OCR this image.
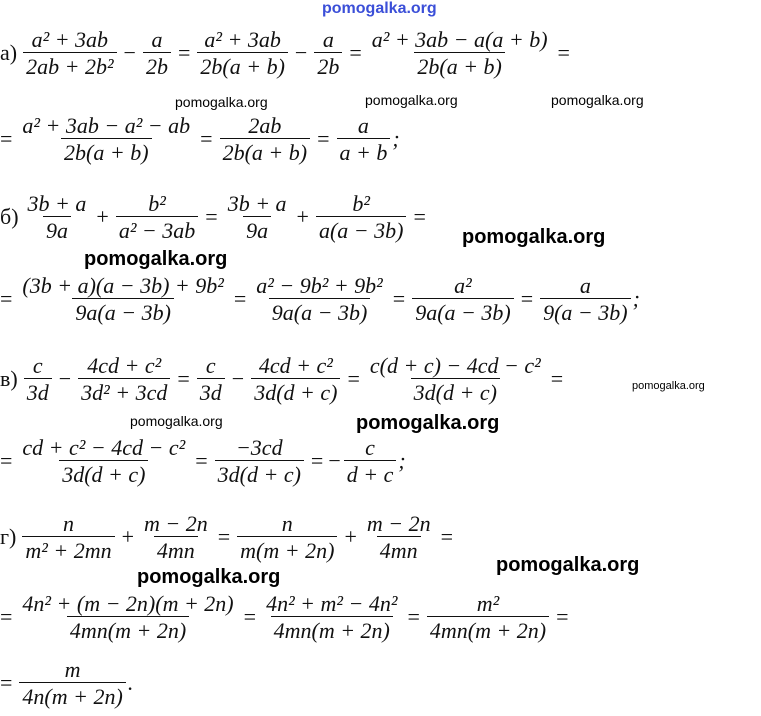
pomogalka.org
pomogalka.org	pomogalka.org	pomogalka.org
pomogalka.org
pomogalka.org
pomogalka.org
pomogalka.org	pomogalka.org
pomogalka.org
pomogalka.org
$а) \frac{\text{a² + 3ab}}{\text{2ab + 2b²}} - \frac{a}{2b} = \frac{\text{a² + 3ab}}{2b(a + b)} - \frac{a}{2b} = \frac{\text{a² + 3ab − a(a + b)}}{2b(a + b)}$ =
= $\frac{\text{a² + 3ab − a² − ab}}{2b(a + b)} = \frac{2ab}{2b(a + b)} = \frac{a}{a + b}$ ;
$б) \frac{3b + a}{9a} + \frac{\text{b²}}{\text{a² − 3ab}} = \frac{3b + a}{9a} + \frac{\text{b²}}{a(a - 3b)}$ =
= $\frac{\text{(3b + a)(a − 3b) + 9b²}}{9a(a - 3b)} = \frac{\text{a² − 9b² + 9b²}}{9a(a - 3b)} = \frac{\text{a²}}{9a(a - 3b)} = \frac{a}{9(a - 3b)}$ ;
$в) \frac{c}{3d} - \frac{\text{4cd + c²}}{\text{3d² + 3cd}} = \frac{c}{3d} - \frac{\text{4cd + c²}}{3d(d + c)} = \frac{\text{c(d + c) − 4cd − c²}}{3d(d + c)}$ =
= $\frac{\text{cd + c² − 4cd − c²}}{3d(d + c)} = \frac{-3cd}{3d(d + c)}$ = − $\frac{c}{d + c}$ ;
$г) \frac{n}{\text{m² + 2mn}} + \frac{m - 2n}{4mn} = \frac{n}{m(m + 2n)} + \frac{m - 2n}{4mn}$ =
= $\frac{\text{4n² + (m − 2n)(m + 2n)}}{4mn(m + 2n)} = \frac{\text{4n² + m² − 4n²}}{4mn(m + 2n)} = \frac{\text{m²}}{4mn(m + 2n)}$ =
= $\frac{m}{4n(m + 2n)}$ .
